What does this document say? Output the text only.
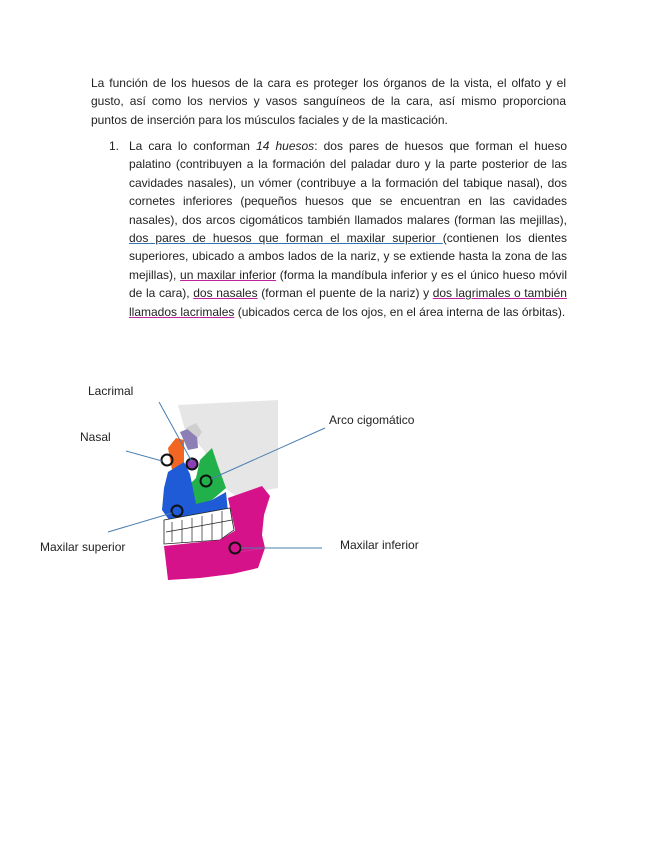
La función de los huesos de la cara es proteger los órganos de la vista, el olfato y el gusto, así como los nervios y vasos sanguíneos de la cara, así mismo proporciona puntos de inserción para los músculos faciales y de la masticación.

1. La cara lo conforman 14 huesos: dos pares de huesos que forman el hueso palatino (contribuyen a la formación del paladar duro y la parte posterior de las cavidades nasales), un vómer (contribuye a la formación del tabique nasal), dos cornetes inferiores (pequeños huesos que se encuentran en las cavidades nasales), dos arcos cigomáticos también llamados malares (forman las mejillas), dos pares de huesos que forman el maxilar superior (contienen los dientes superiores, ubicado a ambos lados de la nariz, y se extiende hasta la zona de las mejillas), un maxilar inferior (forma la mandíbula inferior y es el único hueso móvil de la cara), dos nasales (forman el puente de la nariz) y dos lagrimales o también llamados lacrimales (ubicados cerca de los ojos, en el área interna de las órbitas).
Lacrimal
Nasal
Arco cigomático
Maxilar superior	Maxilar inferior
